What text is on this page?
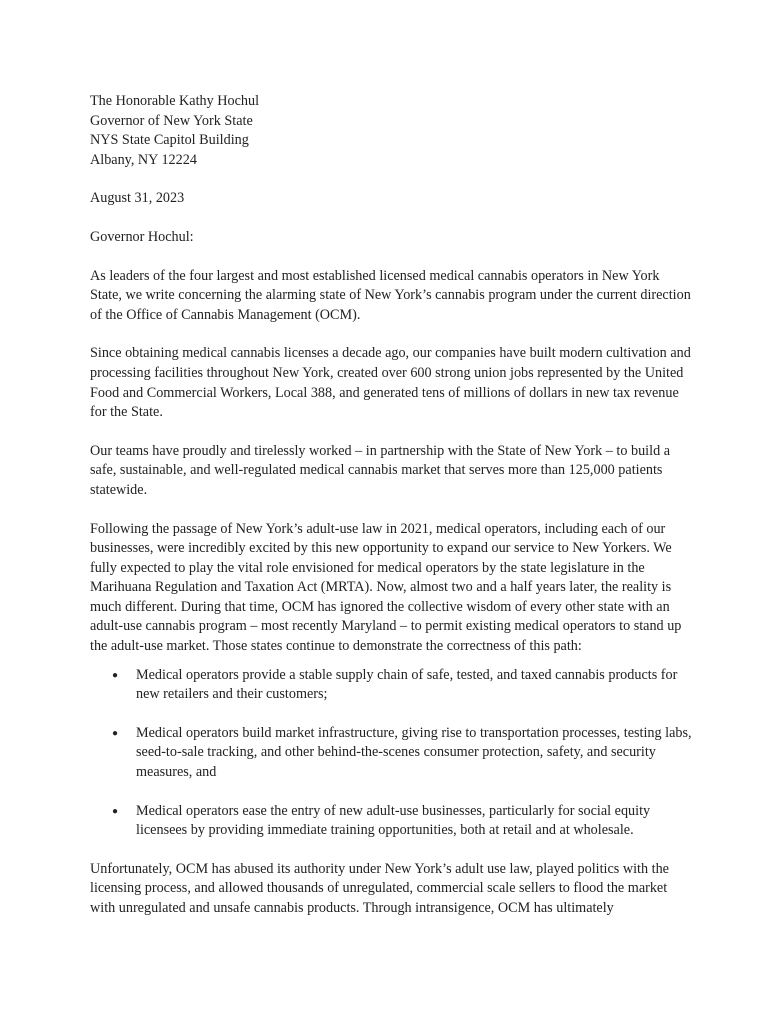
The Honorable Kathy Hochul
Governor of New York State
NYS State Capitol Building
Albany, NY 12224
August 31, 2023
Governor Hochul:

As leaders of the four largest and most established licensed medical cannabis operators in New York State, we write concerning the alarming state of New York’s cannabis program under the current direction of the Office of Cannabis Management (OCM).

Since obtaining medical cannabis licenses a decade ago, our companies have built modern cultivation and processing facilities throughout New York, created over 600 strong union jobs represented by the United Food and Commercial Workers, Local 388, and generated tens of millions of dollars in new tax revenue for the State.

Our teams have proudly and tirelessly worked – in partnership with the State of New York – to build a safe, sustainable, and well-regulated medical cannabis market that serves more than 125,000 patients statewide.

Following the passage of New York’s adult-use law in 2021, medical operators, including each of our businesses, were incredibly excited by this new opportunity to expand our service to New Yorkers. We fully expected to play the vital role envisioned for medical operators by the state legislature in the Marihuana Regulation and Taxation Act (MRTA). Now, almost two and a half years later, the reality is much different. During that time, OCM has ignored the collective wisdom of every other state with an adult-use cannabis program – most recently Maryland – to permit existing medical operators to stand up the adult-use market. Those states continue to demonstrate the correctness of this path:

● Medical operators provide a stable supply chain of safe, tested, and taxed cannabis products for new retailers and their customers;
● Medical operators build market infrastructure, giving rise to transportation processes, testing labs, seed-to-sale tracking, and other behind-the-scenes consumer protection, safety, and security measures, and
● Medical operators ease the entry of new adult-use businesses, particularly for social equity licensees by providing immediate training opportunities, both at retail and at wholesale.

Unfortunately, OCM has abused its authority under New York’s adult use law, played politics with the licensing process, and allowed thousands of unregulated, commercial scale sellers to flood the market with unregulated and unsafe cannabis products. Through intransigence, OCM has ultimately
